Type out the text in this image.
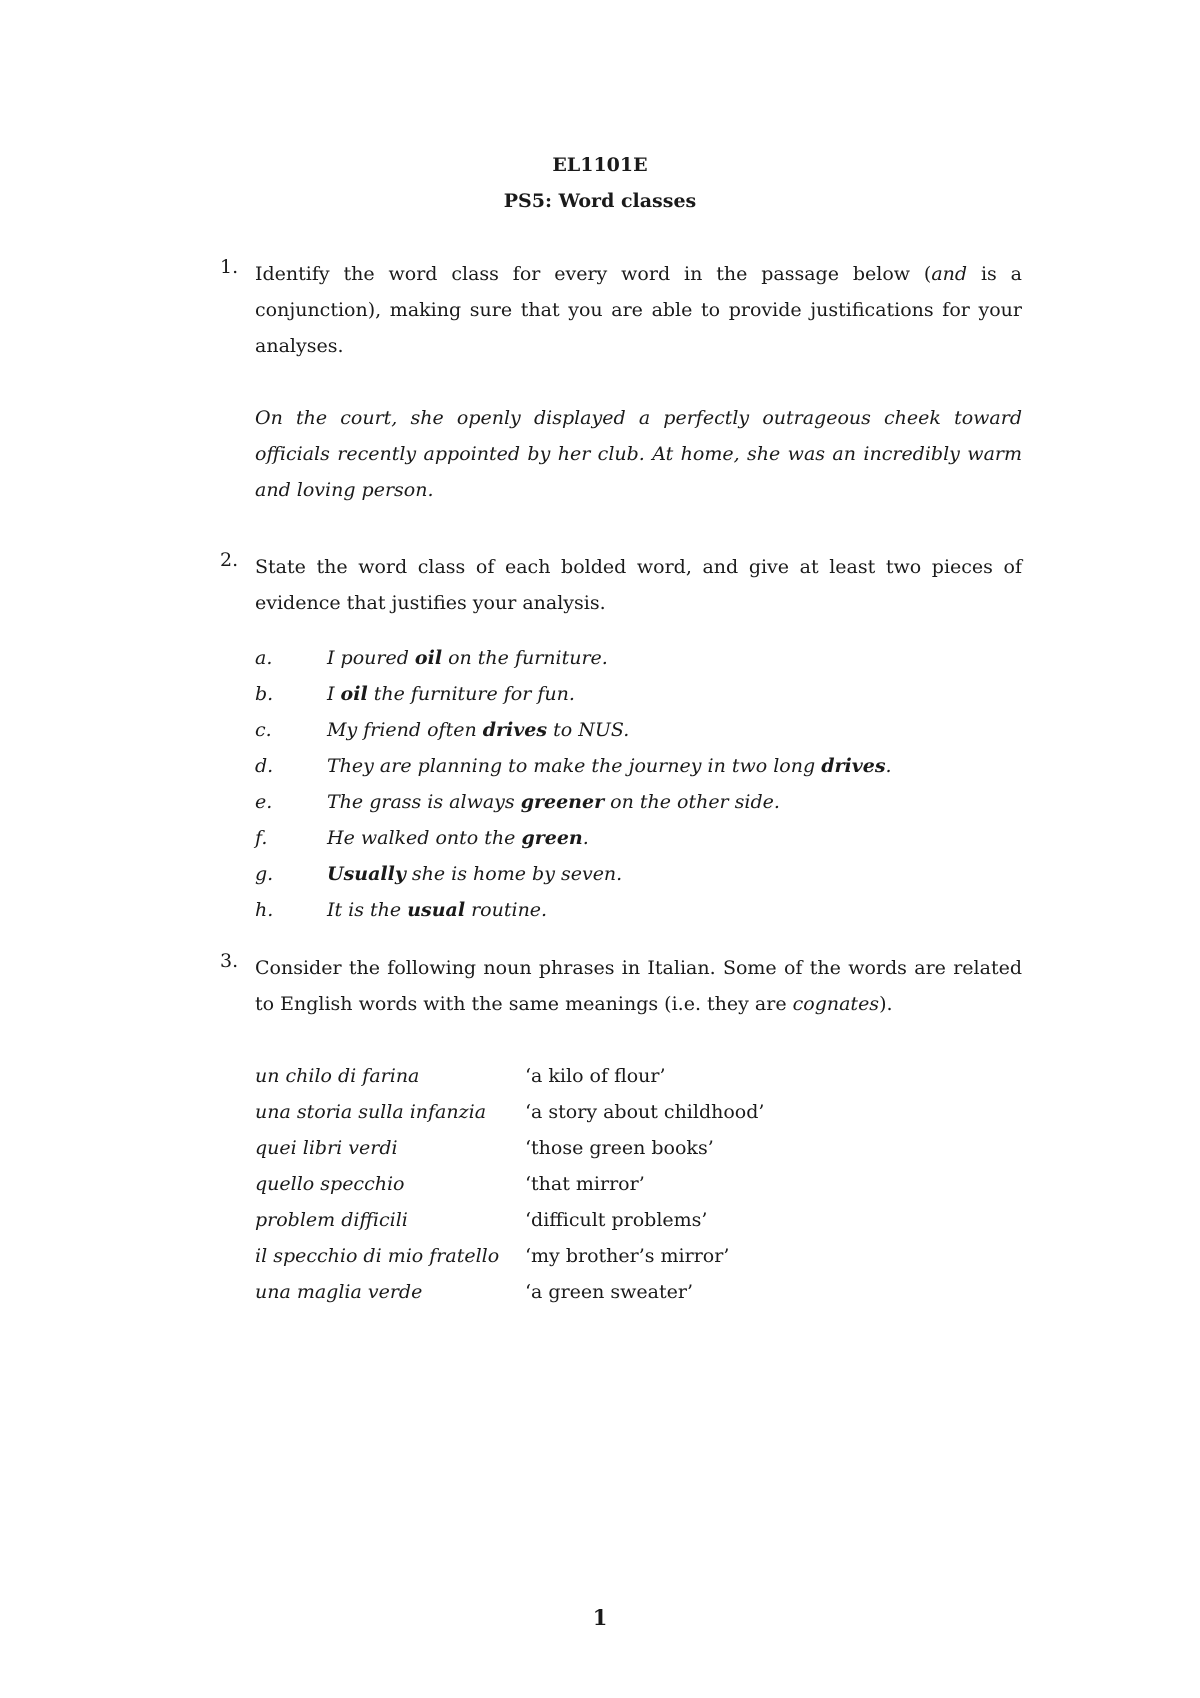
EL1101E
PS5: Word classes
1. Identify the word class for every word in the passage below (and is a conjunction), making sure that you are able to provide justifications for your analyses.
On the court, she openly displayed a perfectly outrageous cheek toward officials recently appointed by her club. At home, she was an incredibly warm and loving person.
2. State the word class of each bolded word, and give at least two pieces of evidence that justifies your analysis.
a.	I poured oil on the furniture.
b.	I oil the furniture for fun.
c.	My friend often drives to NUS.
d.	They are planning to make the journey in two long drives.
e.	The grass is always greener on the other side.
f.	He walked onto the green.
g.	Usually she is home by seven.
h.	It is the usual routine.
3. Consider the following noun phrases in Italian. Some of the words are related to English words with the same meanings (i.e. they are cognates).
un chilo di farina	‘a kilo of flour’
una storia sulla infanzia ‘a story about childhood’
quei libri verdi	‘those green books’
quello specchio	‘that mirror’
problem difficili	‘difficult problems’
il specchio di mio fratello ‘my brother’s mirror’
una maglia verde	‘a green sweater’
1
